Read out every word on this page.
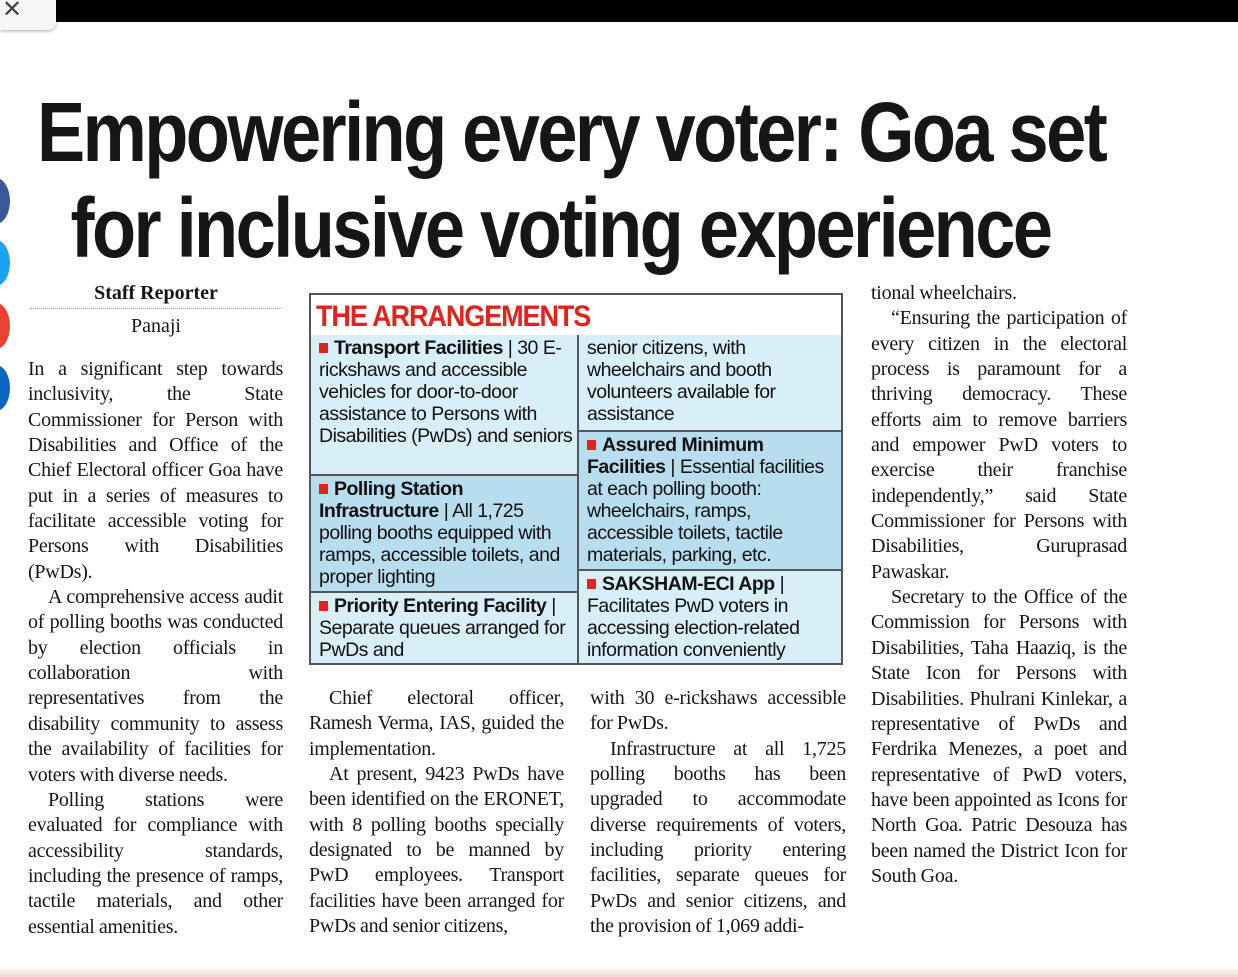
✕
Empowering every voter: Goa set
for inclusive voting experience
Staff Reporter
Panaji
In a significant step towards inclusivity, the State Commissioner for Person with Disabilities and Office of the Chief Electoral officer Goa have put in a series of measures to facilitate accessible voting for Persons with Disabilities (PwDs).
A comprehensive access audit of polling booths was conducted by election officials in collaboration with representatives from the disability community to assess the availability of facilities for voters with diverse needs.
Polling stations were evaluated for compliance with accessibility standards, including the presence of ramps, tactile materials, and other essential amenities.
THE ARRANGEMENTS
Transport Facilities | 30 E-rickshaws and accessible vehicles for door-to-door assistance to Persons with Disabilities (PwDs) and seniors
Polling Station Infrastructure | All 1,725 polling booths equipped with ramps, accessible toilets, and proper lighting
Priority Entering Facility | Separate queues arranged for PwDs and
senior citizens, with wheelchairs and booth volunteers available for assistance
Assured Minimum Facilities | Essential facilities at each polling booth: wheelchairs, ramps, accessible toilets, tactile materials, parking, etc.
SAKSHAM-ECI App | Facilitates PwD voters in accessing election-related information conveniently
Chief electoral officer, Ramesh Verma, IAS, guided the implementation.
At present, 9423 PwDs have been identified on the ERONET, with 8 polling booths specially designated to be manned by PwD employees. Transport facilities have been arranged for PwDs and senior citizens,
with 30 e-rickshaws accessible for PwDs.
Infrastructure at all 1,725 polling booths has been upgraded to accommodate diverse requirements of voters, including priority entering facilities, separate queues for PwDs and senior citizens, and the provision of 1,069 addi-
tional wheelchairs.
“Ensuring the participation of every citizen in the electoral process is paramount for a thriving democracy. These efforts aim to remove barriers and empower PwD voters to exercise their franchise independently,” said State Commissioner for Persons with Disabilities, Guruprasad Pawaskar.
Secretary to the Office of the Commission for Persons with Disabilities, Taha Haaziq, is the State Icon for Persons with Disabilities. Phulrani Kinlekar, a representative of PwDs and Ferdrika Menezes, a poet and representative of PwD voters, have been appointed as Icons for North Goa. Patric Desouza has been named the District Icon for South Goa.
